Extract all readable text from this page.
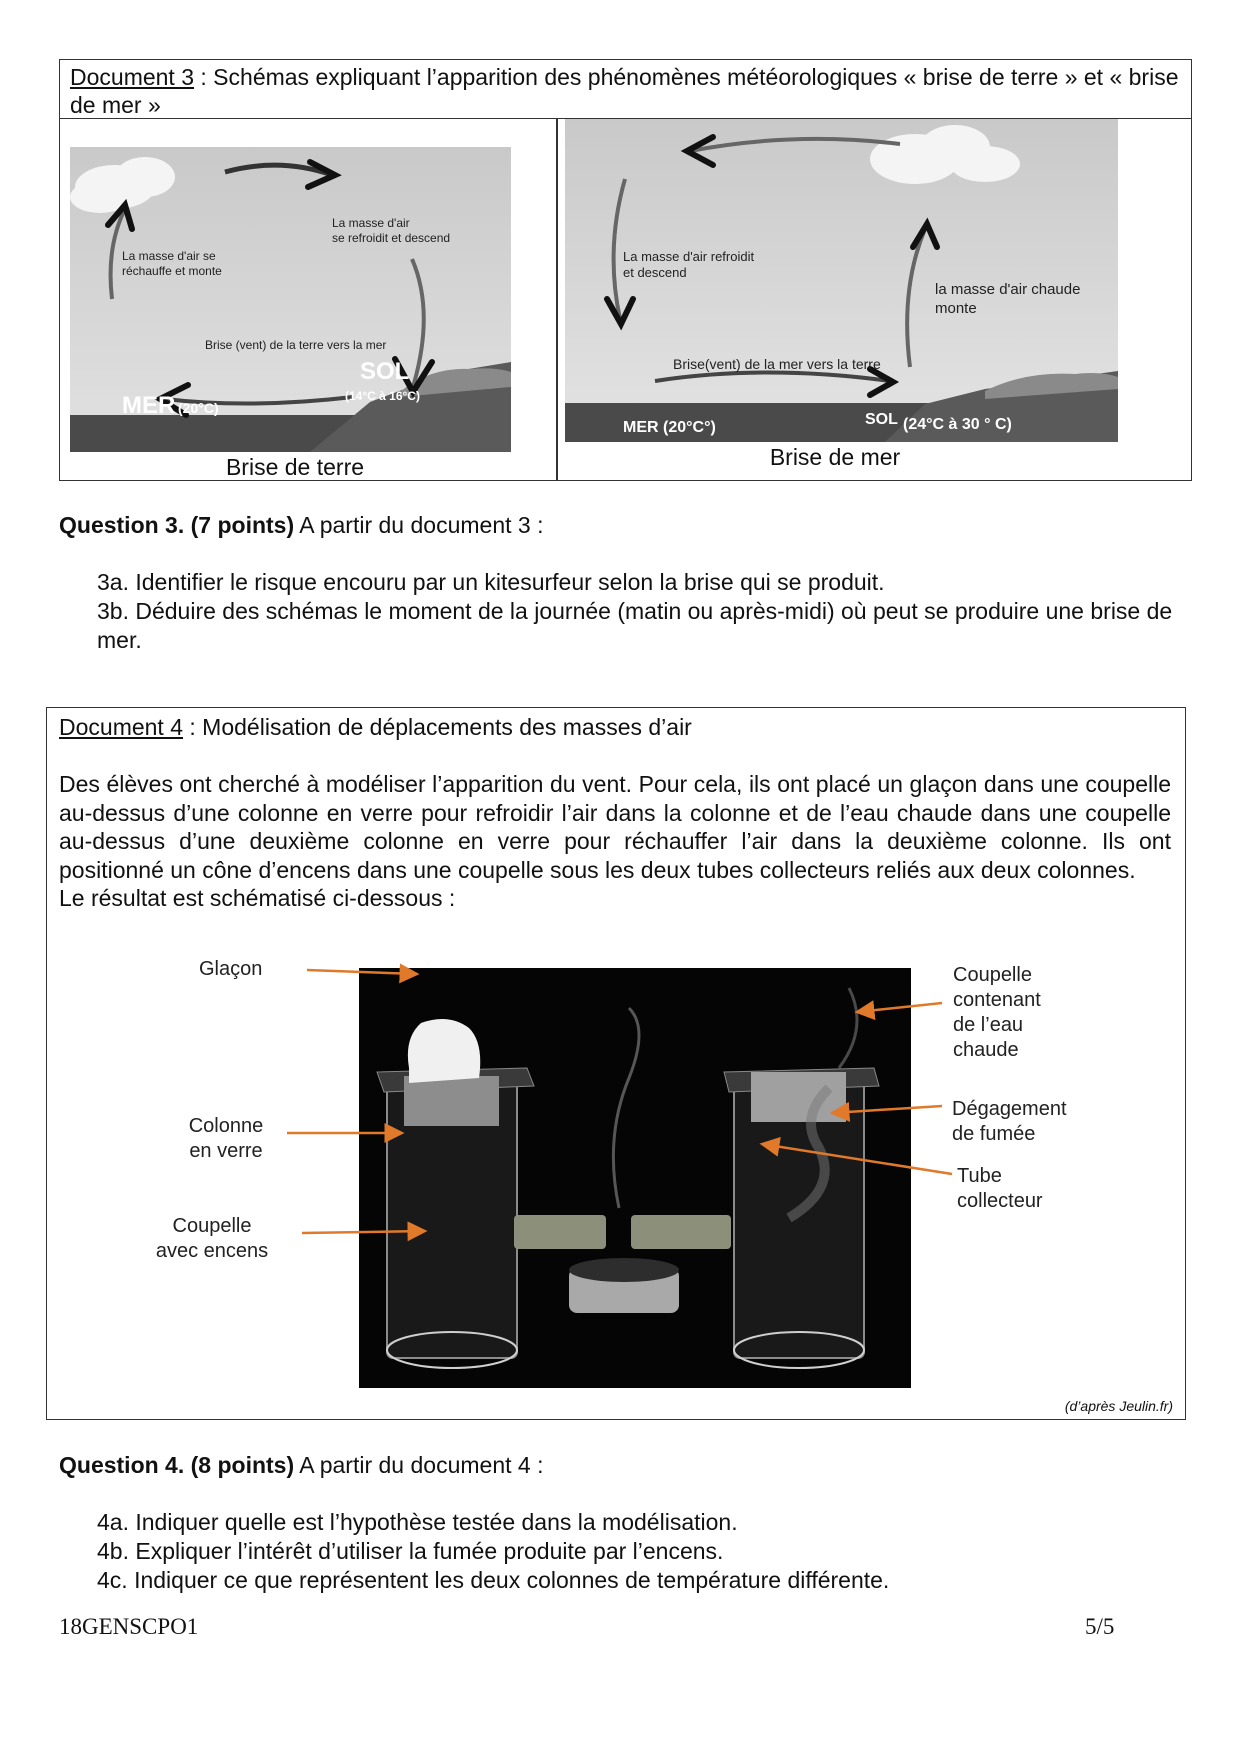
Document 3 : Schémas expliquant l’apparition des phénomènes météorologiques « brise de terre » et « brise de mer »
La masse d'air se
réchauffe et monte
La masse d'air
se refroidit et descend
Brise (vent) de la terre vers la mer
SOL
(14°C à 16°C)
MER (20°C)
Brise de terre
La masse d'air refroidit
et descend
la masse d'air chaude
monte
Brise(vent) de la mer vers la terre
SOL (24°C à 30 ° C)
MER (20°C°)
Brise de mer
Question 3. (7 points) A partir du document 3 :
3a. Identifier le risque encouru par un kitesurfeur selon la brise qui se produit.
3b. Déduire des schémas le moment de la journée (matin ou après-midi) où peut se produire une brise de mer.
Document 4 : Modélisation de déplacements des masses d’air

Des élèves ont cherché à modéliser l’apparition du vent. Pour cela, ils ont placé un glaçon dans une coupelle au-dessus d’une colonne en verre pour refroidir l’air dans la colonne et de l’eau chaude dans une coupelle au-dessus d’une deuxième colonne en verre pour réchauffer l’air dans la deuxième colonne. Ils ont positionné un cône d’encens dans une coupelle sous les deux tubes collecteurs reliés aux deux colonnes.

Le résultat est schématisé ci-dessous :

Glaçon
Colonne
en verre
Coupelle
avec encens
Coupelle
contenant
de l’eau
chaude
Dégagement
de fumée
Tube
collecteur
(d’après Jeulin.fr)
Question 4. (8 points) A partir du document 4 :
4a. Indiquer quelle est l’hypothèse testée dans la modélisation.
4b. Expliquer l’intérêt d’utiliser la fumée produite par l’encens.
4c. Indiquer ce que représentent les deux colonnes de température différente.
18GENSCPO1	5/5
